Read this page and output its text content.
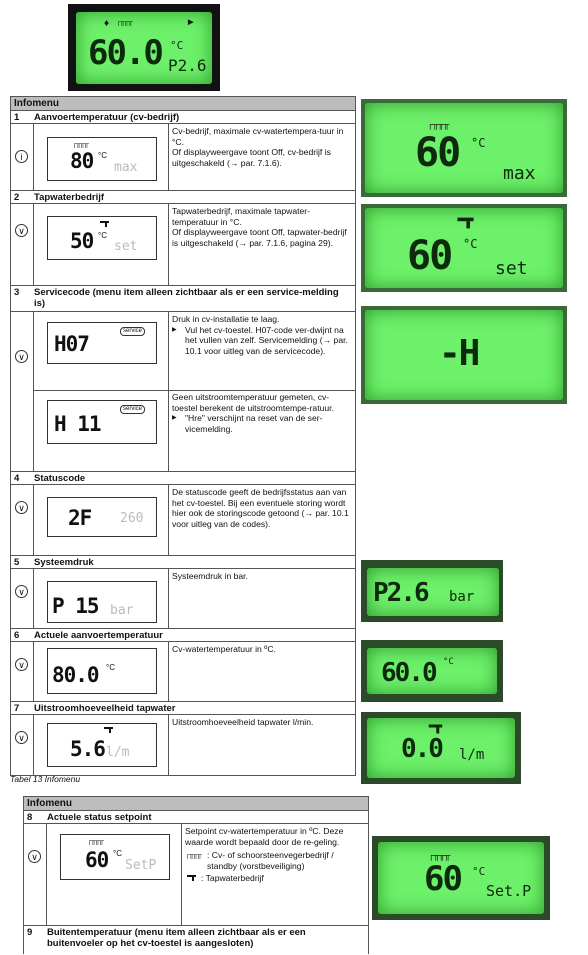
♦ ┌╥╥╥	▶
60.0 °C
P2.6
Infomenu
1 Aanvoertemperatuur (cv-bedrijf)
i
┌╥╥╥
80 °C
max

Cv-bedrijf, maximale cv-watertempera-tuur in °C.

Of displayweergave toont Off, cv-bedrijf is uitgeschakeld (→ par. 7.1.6).

2 Tapwaterbedrijf
∨ 50 °C
set

Tapwaterbedrijf, maximale tapwater-temperatuur in °C.

Of displayweergave toont Off, tapwater-bedrijf is uitgeschakeld (→ par. 7.1.6, pagina 29).

3 Servicecode (menu item alleen zichtbaar als er een service-melding is)
∨
H07
service

Druk in cv-installatie te laag.

▶ Vul het cv-toestel. H07-code ver-dwijnt na het vullen van zelf. Servicemelding (→ par. 10.1 voor uitleg van de servicecode).

H 11
service

Geen uitstroomtemperatuur gemeten, cv-toestel berekent de uitstroomtempe-ratuur.

▶ "Hre" verschijnt na reset van de ser-vicemelding.

4 Statuscode
∨ 2F 260

De statuscode geeft de bedrijfsstatus aan van het cv-toestel. Bij een eventuele storing wordt hier ook de storingscode getoond (→ par. 10.1 voor uitleg van de codes).

5 Systeemdruk
∨
P 15 bar

Systeemdruk in bar.

6 Actuele aanvoertemperatuur
∨ 80.0 °C

Cv-watertemperatuur in ºC.

7 Uitstroomhoeveelheid tapwater
∨ 5.6 l/m

Uitstroomhoeveelheid tapwater l/min.

Tabel 13 Infomenu
Infomenu
8 Actuele status setpoint
∨
┌╥╥╥
60 °C
SetP

Setpoint cv-watertemperatuur in ºC. Deze waarde wordt bepaald door de re-geling.

┌╥╥╥ : Cv- of schoorsteenvegerbedrijf / standby (vorstbeveiliging)

: Tapwaterbedrijf

9 Buitentemperatuur (menu item alleen zichtbaar als er een buitenvoeler op het cv-toestel is aangesloten)
┌╥╥╥
60 °C
max
60 °C
set
-H
P2.6 bar
60.0 °C
0.0 l/m
┌╥╥╥
60 °C
Set.P
